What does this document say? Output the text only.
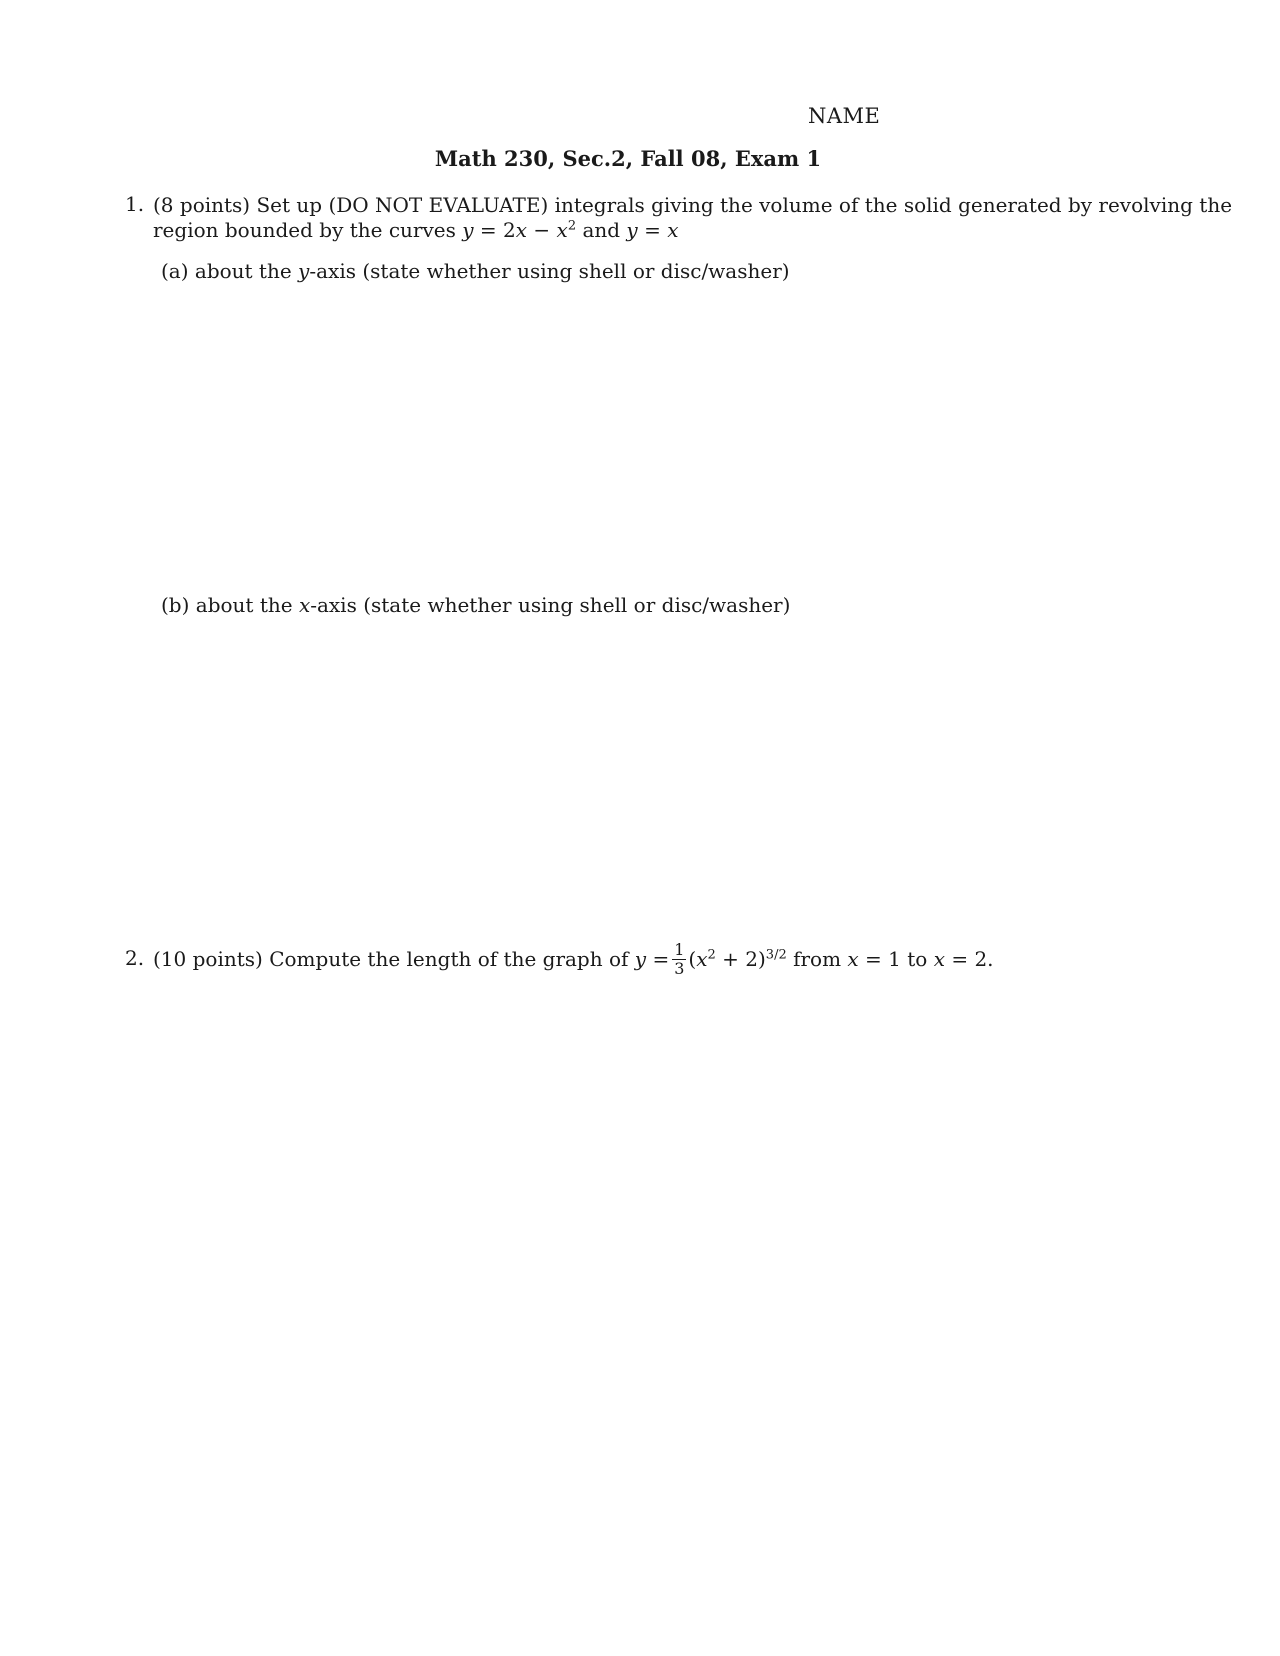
NAME
Math 230, Sec.2, Fall 08, Exam 1
1. (8 points) Set up (DO NOT EVALUATE) integrals giving the volume of the solid generated by revolving the
region bounded by the curves $y = 2x - x^2$ and y = x
(a) about the y-axis (state whether using shell or disc/washer)
(b) about the x-axis (state whether using shell or disc/washer)
2. (10 points) Compute the length of the graph of $y = \frac{1}{3} (x^2 + 2)^{3/2}$ from x = 1 to x = 2.
